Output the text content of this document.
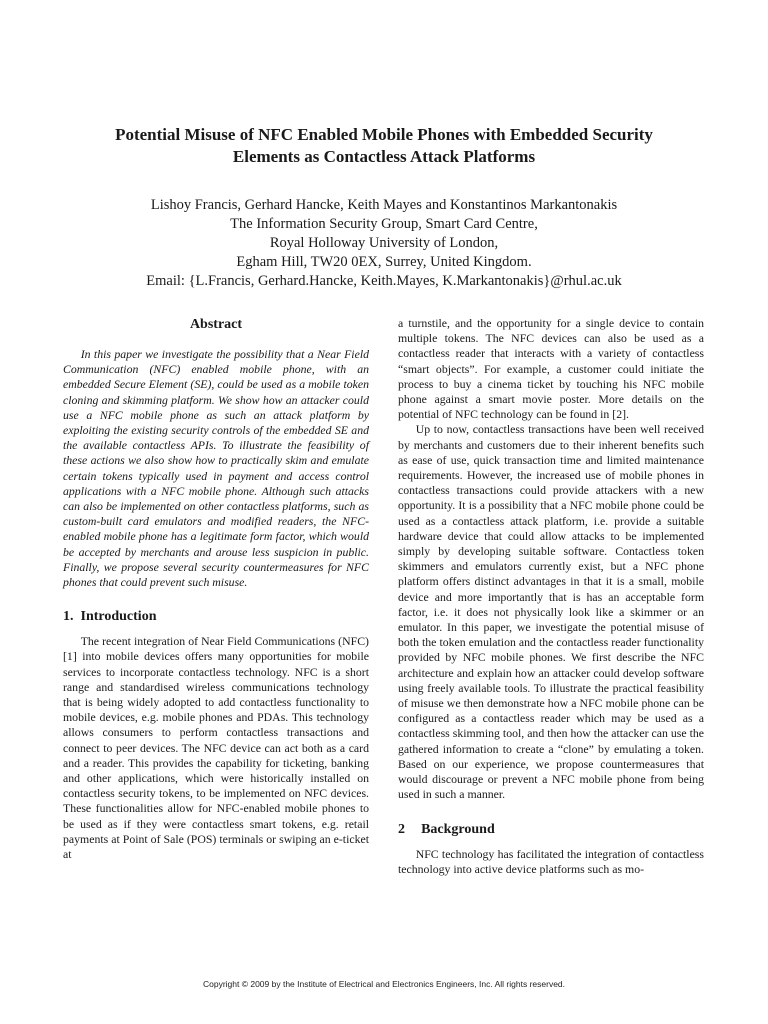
Potential Misuse of NFC Enabled Mobile Phones with Embedded Security
Elements as Contactless Attack Platforms
Lishoy Francis, Gerhard Hancke, Keith Mayes and Konstantinos Markantonakis
The Information Security Group, Smart Card Centre,
Royal Holloway University of London,
Egham Hill, TW20 0EX, Surrey, United Kingdom.
Email: {L.Francis, Gerhard.Hancke, Keith.Mayes, K.Markantonakis}@rhul.ac.uk
Abstract

In this paper we investigate the possibility that a Near Field Communication (NFC) enabled mobile phone, with an embedded Secure Element (SE), could be used as a mobile token cloning and skimming platform. We show how an attacker could use a NFC mobile phone as such an attack platform by exploiting the existing security controls of the embedded SE and the available contactless APIs. To illustrate the feasibility of these actions we also show how to practically skim and emulate certain tokens typically used in payment and access control applications with a NFC mobile phone. Although such attacks can also be implemented on other contactless platforms, such as custom-built card emulators and modified readers, the NFC-enabled mobile phone has a legitimate form factor, which would be accepted by merchants and arouse less suspicion in public. Finally, we propose several security countermeasures for NFC phones that could prevent such misuse.

1. Introduction

The recent integration of Near Field Communications (NFC)[1] into mobile devices offers many opportunities for mobile services to incorporate contactless technology. NFC is a short range and standardised wireless communications technology that is being widely adopted to add contactless functionality to mobile devices, e.g. mobile phones and PDAs. This technology allows consumers to perform contactless transactions and connect to peer devices. The NFC device can act both as a card and a reader. This provides the capability for ticketing, banking and other applications, which were historically installed on contactless security tokens, to be implemented on NFC devices. These functionalities allow for NFC-enabled mobile phones to be used as if they were contactless smart tokens, e.g. retail payments at Point of Sale (POS) terminals or swiping an e-ticket at

a turnstile, and the opportunity for a single device to contain multiple tokens. The NFC devices can also be used as a contactless reader that interacts with a variety of contactless “smart objects”. For example, a customer could initiate the process to buy a cinema ticket by touching his NFC mobile phone against a smart movie poster. More details on the potential of NFC technology can be found in [2].

Up to now, contactless transactions have been well received by merchants and customers due to their inherent benefits such as ease of use, quick transaction time and limited maintenance requirements. However, the increased use of mobile phones in contactless transactions could provide attackers with a new opportunity. It is a possibility that a NFC mobile phone could be used as a contactless attack platform, i.e. provide a suitable hardware device that could allow attacks to be implemented simply by developing suitable software. Contactless token skimmers and emulators currently exist, but a NFC phone platform offers distinct advantages in that it is a small, mobile device and more importantly that is has an acceptable form factor, i.e. it does not physically look like a skimmer or an emulator. In this paper, we investigate the potential misuse of both the token emulation and the contactless reader functionality provided by NFC mobile phones. We first describe the NFC architecture and explain how an attacker could develop software using freely available tools. To illustrate the practical feasibility of misuse we then demonstrate how a NFC mobile phone can be configured as a contactless reader which may be used as a contactless skimming tool, and then how the attacker can use the gathered information to create a “clone” by emulating a token. Based on our experience, we propose countermeasures that would discourage or prevent a NFC mobile phone from being used in such a manner.

2 Background

NFC technology has facilitated the integration of contactless technology into active device platforms such as mo-

Copyright © 2009 by the Institute of Electrical and Electronics Engineers, Inc. All rights reserved.
